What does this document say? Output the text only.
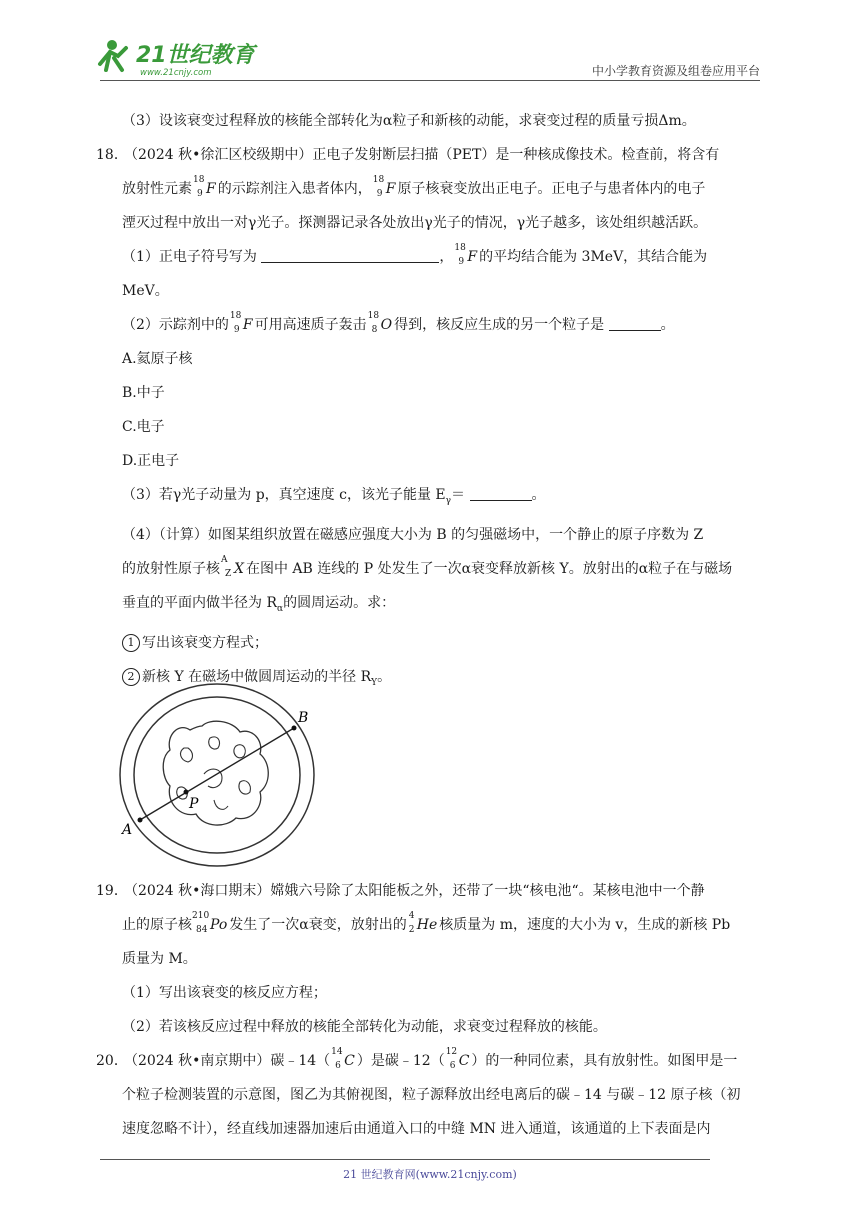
21世纪教育
www.21cnjy.com	中小学教育资源及组卷应用平台

（3）设该衰变过程释放的核能全部转化为α粒子和新核的动能，求衰变过程的质量亏损Δm。

18．（2024 秋•徐汇区校级期中）正电子发射断层扫描（PET）是一种核成像技术。检查前，将含有

放射性元素
18
9 F 的示踪剂注入患者体内，
18
9 F 原子核衰变放出正电子。正电子与患者体内的电子

湮灭过程中放出一对γ光子。探测器记录各处放出γ光子的情况，γ光子越多，该处组织越活跃。

（1）正电子符号写为	，
18
9 F 的平均结合能为 3MeV，其结合能为

MeV。

（2）示踪剂中的
18
9 F 可用高速质子轰击
18
8 O 得到，核反应生成的另一个粒子是	。

A.氦原子核

B.中子

C.电子

D.正电子

（3）若γ光子动量为 p，真空速度 c，该光子能量 $E_\gamma=$	。

（4）（计算）如图某组织放置在磁感应强度大小为 B 的匀强磁场中，一个静止的原子序数为 Z

的放射性原子核
A
Z X 在图中 AB 连线的 P 处发生了一次α衰变释放新核 Y。放射出的α粒子在与磁场

垂直的平面内做半径为 $R_\alpha$的圆周运动。求：

1 写出该衰变方程式；

2 新核 Y 在磁场中做圆周运动的半径 $R_Y$。

A
B
P

19．（2024 秋•海口期末）嫦娥六号除了太阳能板之外，还带了一块“核电池“。某核电池中一个静

止的原子核
210
84 Po 发生了一次α衰变，放射出的
4
2 He 核质量为 m，速度的大小为 v，生成的新核 Pb

质量为 M。

（1）写出该衰变的核反应方程；

（2）若该核反应过程中释放的核能全部转化为动能，求衰变过程释放的核能。

20．（2024 秋•南京期中）碳﹣14（
14
6 C ）是碳﹣12（
12
6 C ）的一种同位素，具有放射性。如图甲是一

个粒子检测装置的示意图，图乙为其俯视图，粒子源释放出经电离后的碳﹣14 与碳﹣12 原子核（初

速度忽略不计），经直线加速器加速后由通道入口的中缝 MN 进入通道，该通道的上下表面是内

21 世纪教育网(www.21cnjy.com)
